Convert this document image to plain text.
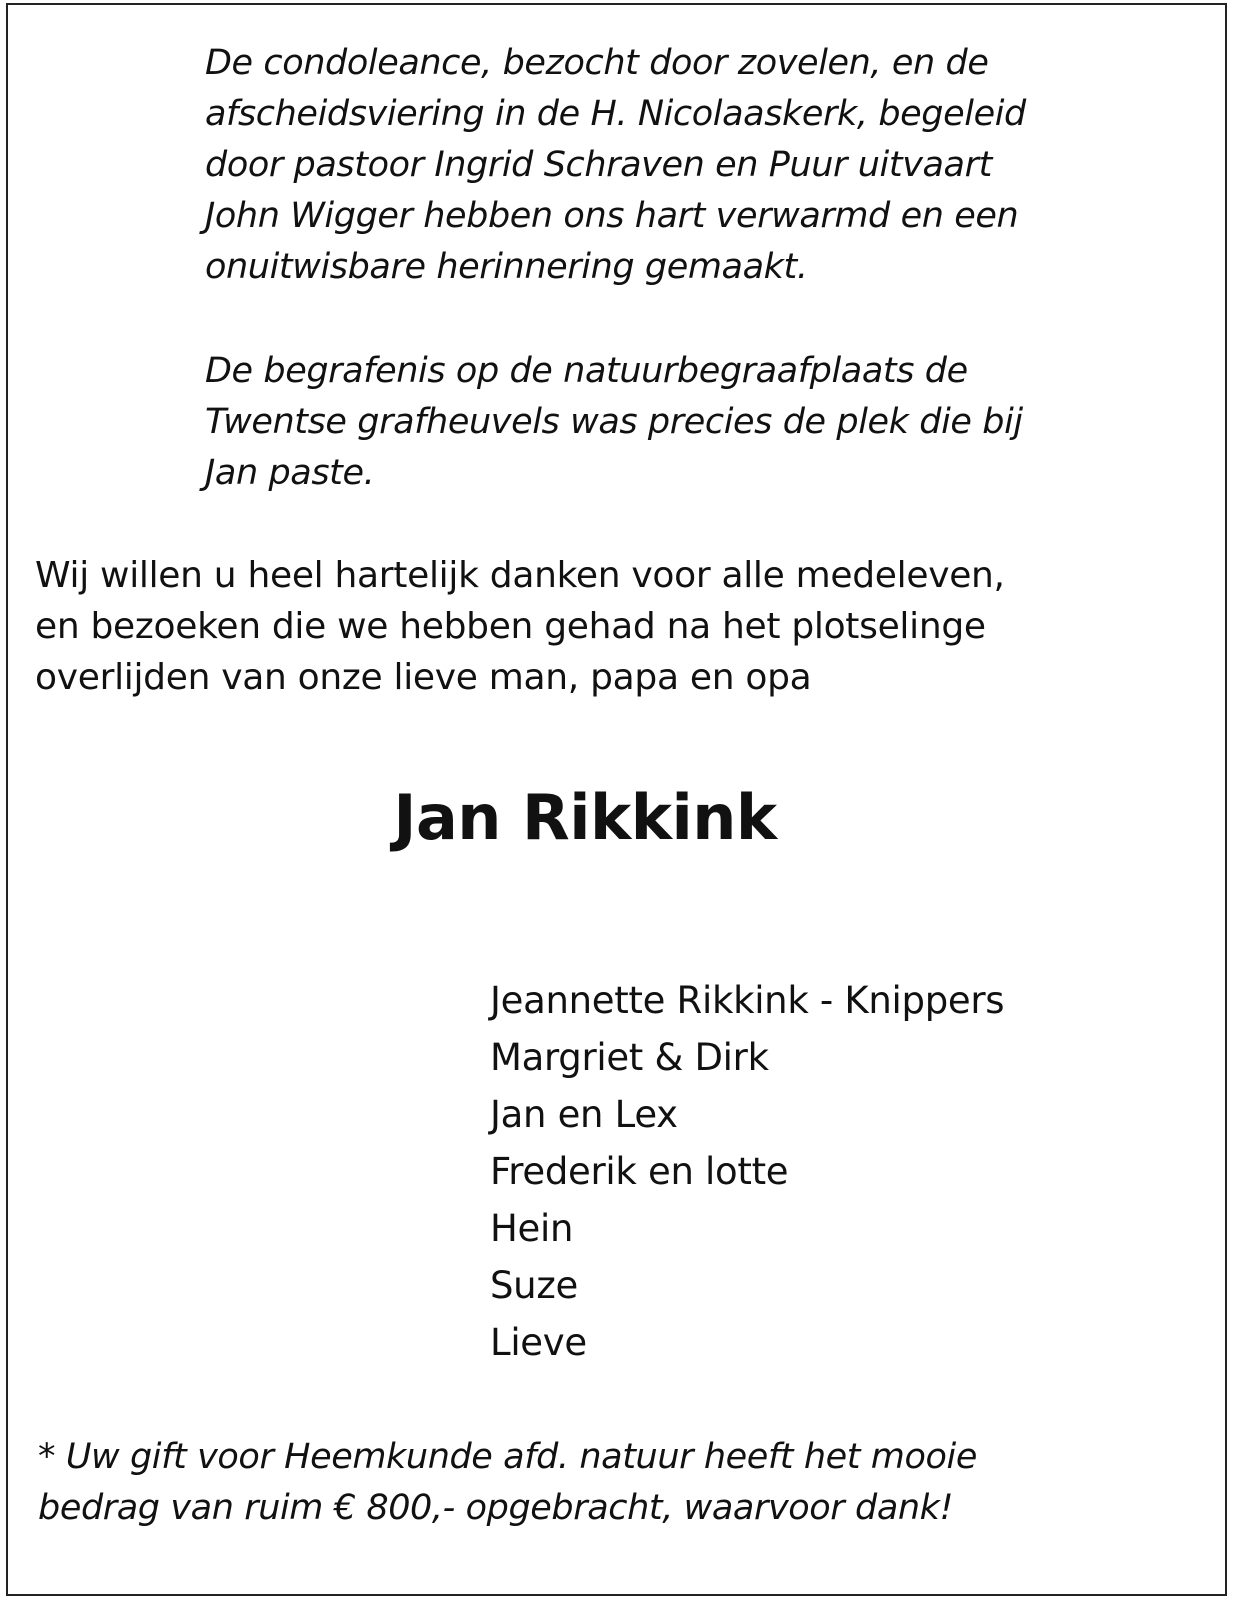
De condoleance, bezocht door zovelen, en de
afscheidsviering in de H. Nicolaaskerk, begeleid
door pastoor Ingrid Schraven en Puur uitvaart
John Wigger hebben ons hart verwarmd en een
onuitwisbare herinnering gemaakt.
De begrafenis op de natuurbegraafplaats de
Twentse grafheuvels was precies de plek die bij
Jan paste.
Wij willen u heel hartelijk danken voor alle medeleven,
en bezoeken die we hebben gehad na het plotselinge
overlijden van onze lieve man, papa en opa
Jan Rikkink
Jeannette Rikkink - Knippers
Margriet & Dirk
Jan en Lex
Frederik en lotte
Hein
Suze
Lieve
* Uw gift voor Heemkunde afd. natuur heeft het mooie
bedrag van ruim € 800,- opgebracht, waarvoor dank!
